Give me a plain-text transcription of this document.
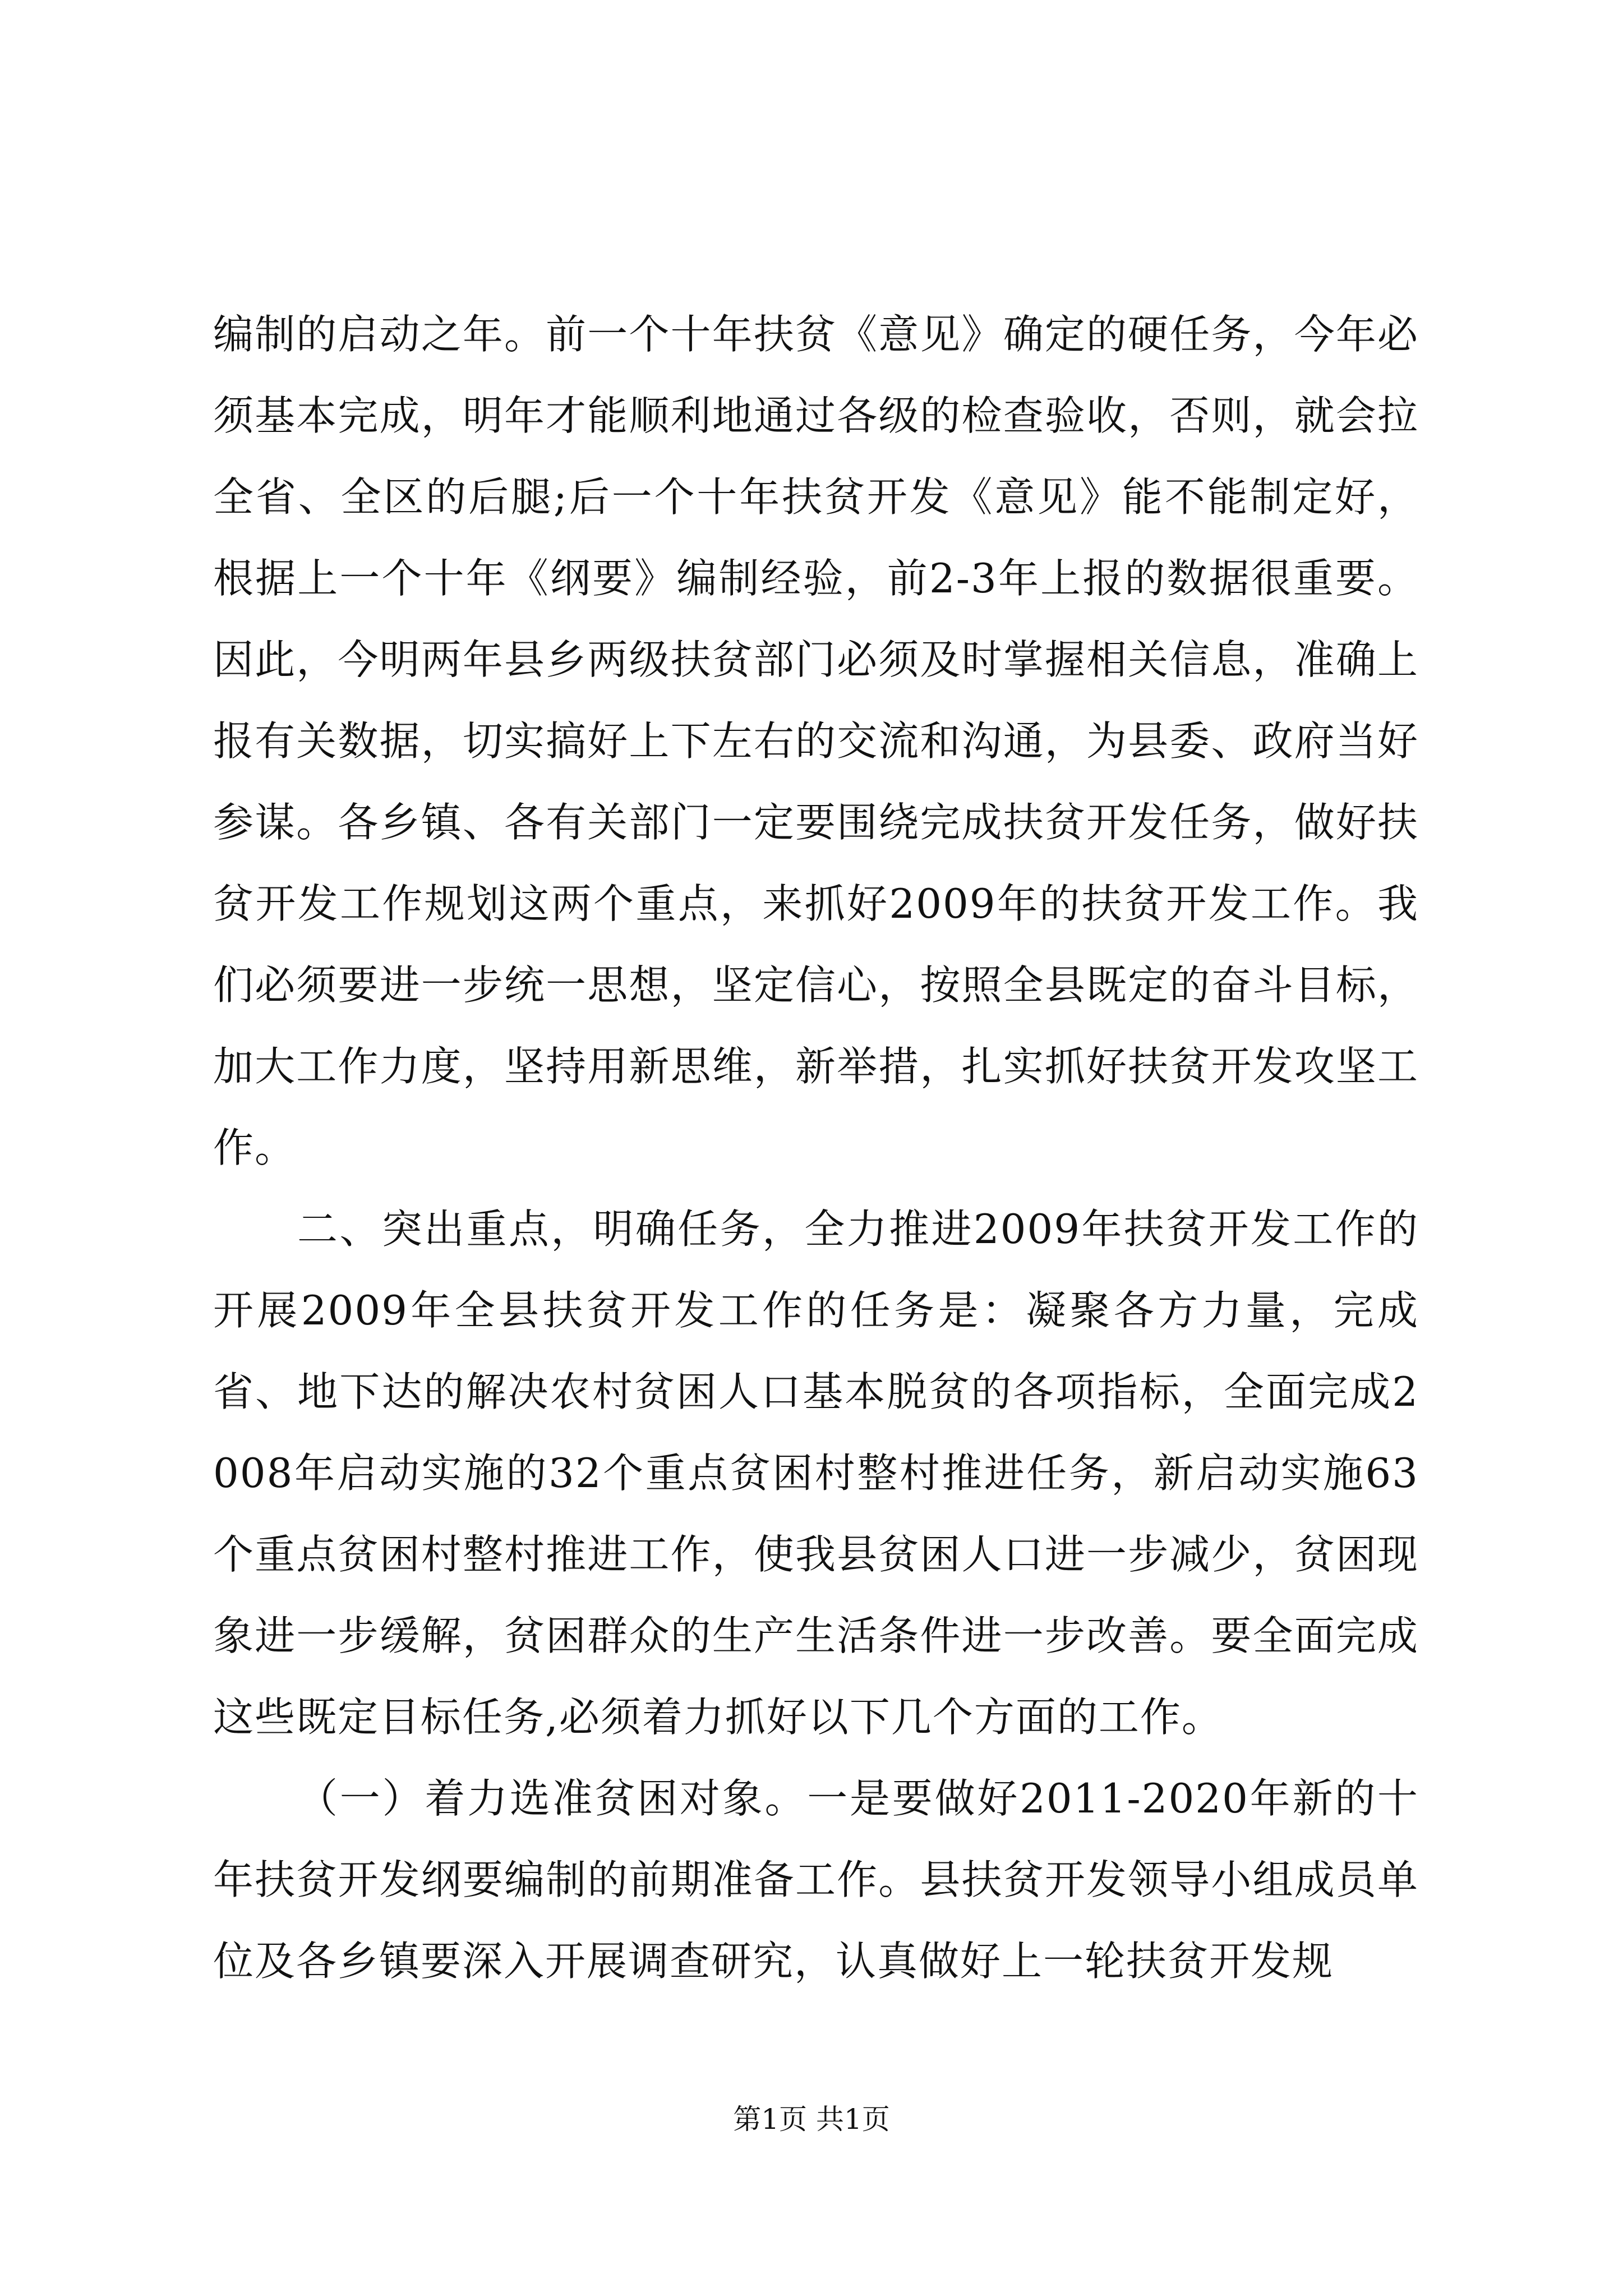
编制的启动之年。前一个十年扶贫《意见》确定的硬任务，今年必须基本完成，明年才能顺利地通过各级的检查验收，否则，就会拉全省、全区的后腿;后一个十年扶贫开发《意见》能不能制定好，根据上一个十年《纲要》编制经验，前2-3年上报的数据很重要。因此，今明两年县乡两级扶贫部门必须及时掌握相关信息，准确上报有关数据，切实搞好上下左右的交流和沟通，为县委、政府当好参谋。各乡镇、各有关部门一定要围绕完成扶贫开发任务，做好扶贫开发工作规划这两个重点，来抓好2009年的扶贫开发工作。我们必须要进一步统一思想，坚定信心，按照全县既定的奋斗目标，加大工作力度，坚持用新思维，新举措，扎实抓好扶贫开发攻坚工作。

二、突出重点，明确任务，全力推进2009年扶贫开发工作的开展2009年全县扶贫开发工作的任务是：凝聚各方力量，完成省、地下达的解决农村贫困人口基本脱贫的各项指标，全面完成2008年启动实施的32个重点贫困村整村推进任务，新启动实施63个重点贫困村整村推进工作，使我县贫困人口进一步减少，贫困现象进一步缓解，贫困群众的生产生活条件进一步改善。要全面完成这些既定目标任务,必须着力抓好以下几个方面的工作。

（一）着力选准贫困对象。一是要做好2011-2020年新的十年扶贫开发纲要编制的前期准备工作。县扶贫开发领导小组成员单位及各乡镇要深入开展调查研究，认真做好上一轮扶贫开发规

第1页 共1页
